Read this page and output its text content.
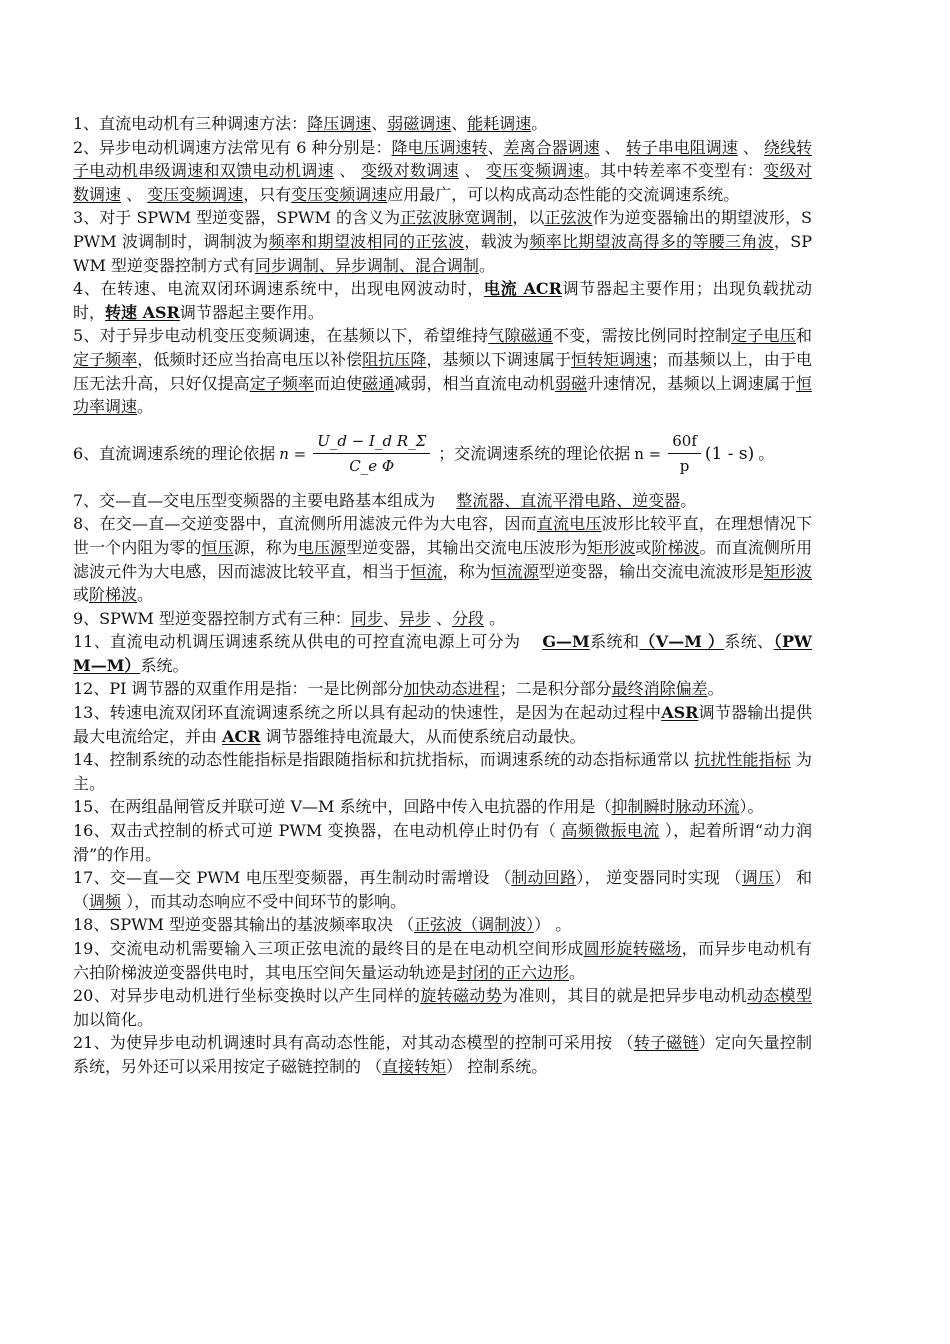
1、直流电动机有三种调速方法：降压调速、弱磁调速、能耗调速。

2、异步电动机调速方法常见有 6 种分别是：降电压调速转、差离合器调速 、 转子串电阻调速 、 绕线转子电动机串级调速和双馈电动机调速 、 变级对数调速 、 变压变频调速。其中转差率不变型有：变级对数调速 、 变压变频调速，只有变压变频调速应用最广，可以构成高动态性能的交流调速系统。

3、对于 SPWM 型逆变器，SPWM 的含义为正弦波脉宽调制，以正弦波作为逆变器输出的期望波形，SPWM 波调制时，调制波为频率和期望波相同的正弦波，载波为频率比期望波高得多的等腰三角波，SPWM 型逆变器控制方式有同步调制、异步调制、混合调制。

4、在转速、电流双闭环调速系统中，出现电网波动时，电流 ACR调节器起主要作用；出现负载扰动时，转速 ASR调节器起主要作用。

5、对于异步电动机变压变频调速，在基频以下，希望维持气隙磁通不变，需按比例同时控制定子电压和定子频率，低频时还应当抬高电压以补偿阻抗压降，基频以下调速属于恒转矩调速；而基频以上，由于电压无法升高，只好仅提高定子频率而迫使磁通减弱，相当直流电动机弱磁升速情况，基频以上调速属于恒功率调速。

6、直流调速系统的理论依据 $n = \frac{\text{U\_d − I\_d R\_Σ}}{\text{C\_e Φ}}$ ；交流调速系统的理论依据 $n = \frac{60f}{p} (1 - s)$ 。

7、交—直—交电压型变频器的主要电路基本组成为　 整流器、直流平滑电路、逆变器。

8、在交—直—交逆变器中，直流侧所用滤波元件为大电容，因而直流电压波形比较平直，在理想情况下世一个内阻为零的恒压源，称为电压源型逆变器，其输出交流电压波形为矩形波或阶梯波。而直流侧所用滤波元件为大电感，因而滤波比较平直，相当于恒流，称为恒流源型逆变器，输出交流电流波形是矩形波或阶梯波。

9、SPWM 型逆变器控制方式有三种：同步、异步 、分段 。

11、直流电动机调压调速系统从供电的可控直流电源上可分为　 G—M系统和（V—M ）系统、（PWM—M）系统。

12、PI 调节器的双重作用是指：一是比例部分加快动态进程；二是积分部分最终消除偏差。

13、转速电流双闭环直流调速系统之所以具有起动的快速性，是因为在起动过程中ASR调节器输出提供最大电流给定，并由 ACR 调节器维持电流最大，从而使系统启动最快。

14、控制系统的动态性能指标是指跟随指标和抗扰指标，而调速系统的动态指标通常以 抗扰性能指标 为主。

15、在两组晶闸管反并联可逆 V—M 系统中，回路中传入电抗器的作用是（抑制瞬时脉动环流）。

16、双击式控制的桥式可逆 PWM 变换器，在电动机停止时仍有（ 高频微振电流 ），起着所谓“动力润滑”的作用。

17、交—直—交 PWM 电压型变频器，再生制动时需增设 （制动回路）， 逆变器同时实现 （调压） 和 （调频 ），而其动态响应不受中间环节的影响。

18、SPWM 型逆变器其输出的基波频率取决 （正弦波（调制波）） 。

19、交流电动机需要输入三项正弦电流的最终目的是在电动机空间形成圆形旋转磁场，而异步电动机有六拍阶梯波逆变器供电时，其电压空间矢量运动轨迹是封闭的正六边形。

20、对异步电动机进行坐标变换时以产生同样的旋转磁动势为准则，其目的就是把异步电动机动态模型加以简化。

21、为使异步电动机调速时具有高动态性能，对其动态模型的控制可采用按 （转子磁链）定向矢量控制系统，另外还可以采用按定子磁链控制的 （直接转矩） 控制系统。
